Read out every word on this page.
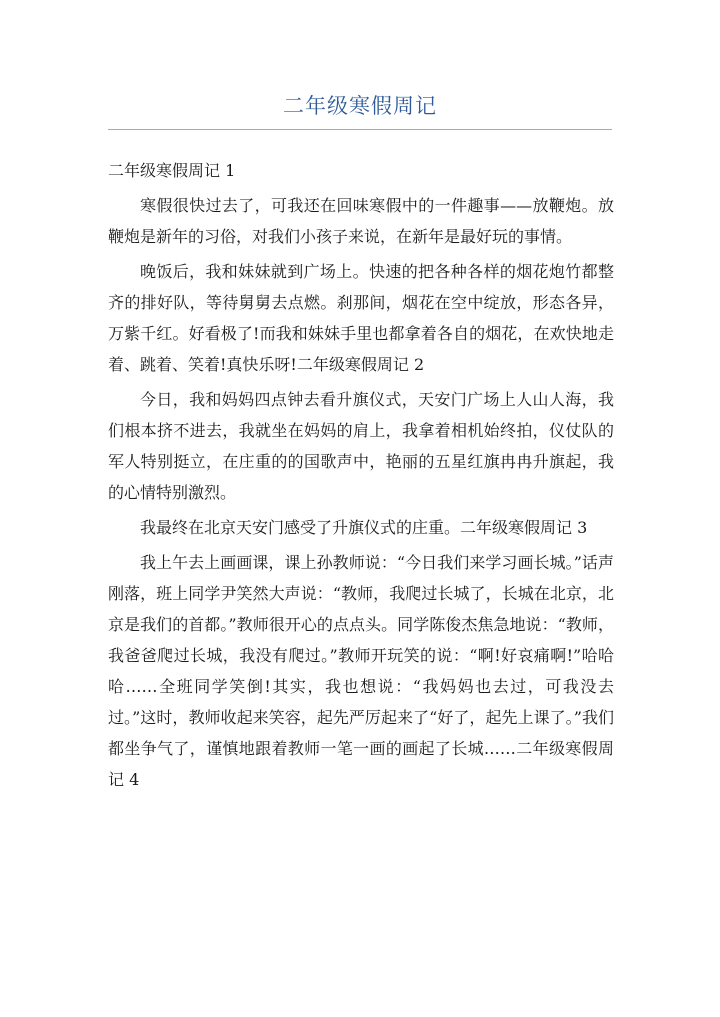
二年级寒假周记
二年级寒假周记 1

寒假很快过去了，可我还在回味寒假中的一件趣事——放鞭炮。放鞭炮是新年的习俗，对我们小孩子来说，在新年是最好玩的事情。

晚饭后，我和妹妹就到广场上。快速的把各种各样的烟花炮竹都整齐的排好队，等待舅舅去点燃。刹那间，烟花在空中绽放，形态各异，万紫千红。好看极了!而我和妹妹手里也都拿着各自的烟花，在欢快地走着、跳着、笑着!真快乐呀!二年级寒假周记 2

今日，我和妈妈四点钟去看升旗仪式，天安门广场上人山人海，我们根本挤不进去，我就坐在妈妈的肩上，我拿着相机始终拍，仪仗队的军人特别挺立，在庄重的的国歌声中，艳丽的五星红旗冉冉升旗起，我的心情特别激烈。

我最终在北京天安门感受了升旗仪式的庄重。二年级寒假周记 3

我上午去上画画课，课上孙教师说：“今日我们来学习画长城。”话声刚落，班上同学尹笑然大声说：“教师，我爬过长城了，长城在北京，北京是我们的首都。”教师很开心的点点头。同学陈俊杰焦急地说：“教师，我爸爸爬过长城，我没有爬过。”教师开玩笑的说：“啊!好哀痛啊!”哈哈哈……全班同学笑倒!其实，我也想说：“我妈妈也去过，可我没去过。”这时，教师收起来笑容，起先严厉起来了“好了，起先上课了。”我们都坐争气了，谨慎地跟着教师一笔一画的画起了长城……二年级寒假周记 4
